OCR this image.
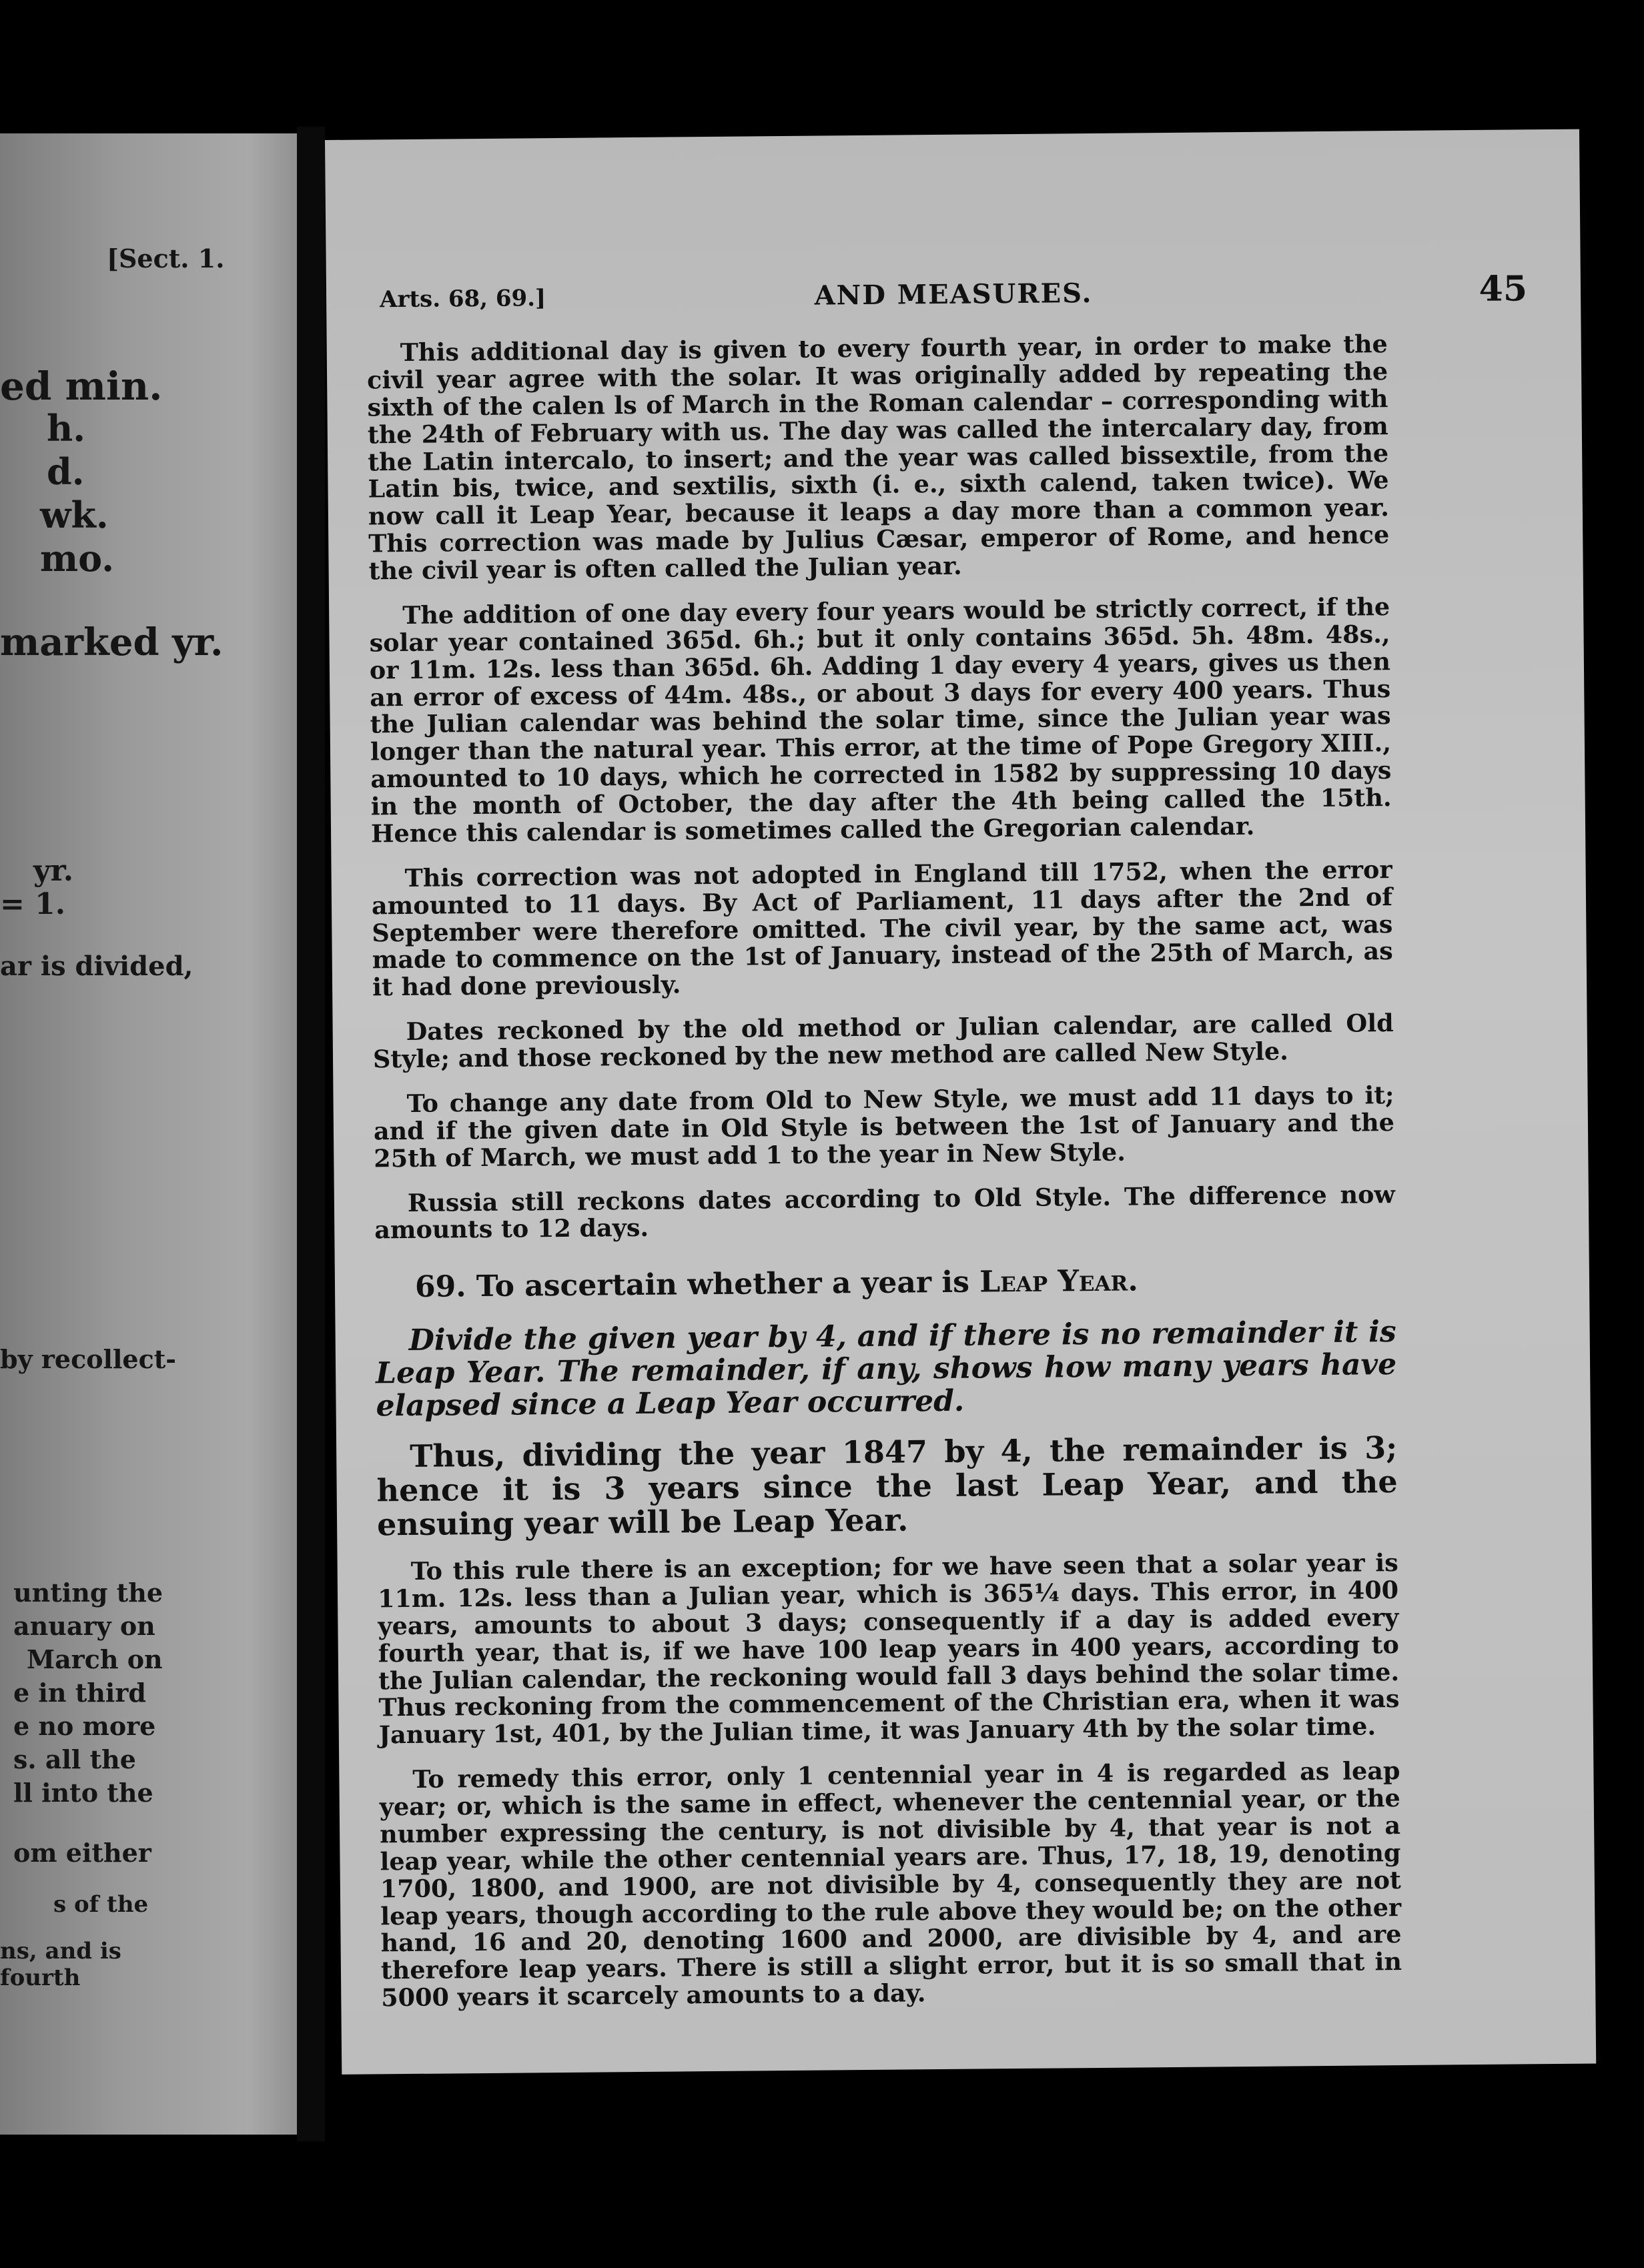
[Sect. 1.
ed min.
h.
d.
wk.
mo.
marked yr.
yr.
= 1.
ar is divided,
by recollect-
unting the
anuary on
March on
e in third
e no more
s. all the
ll into the
om either
s of the
ns, and is
fourth
Arts. 68, 69.]	AND MEASURES.	45

This additional day is given to every fourth year, in order to make the civil year agree with the solar. It was originally added by repeating the sixth of the calen ls of March in the Roman calendar – corresponding with the 24th of February with us. The day was called the intercalary day, from the Latin intercalo, to insert; and the year was called bissextile, from the Latin bis, twice, and sextilis, sixth (i. e., sixth calend, taken twice). We now call it Leap Year, because it leaps a day more than a common year. This correction was made by Julius Cæsar, emperor of Rome, and hence the civil year is often called the Julian year.

The addition of one day every four years would be strictly correct, if the solar year contained 365d. 6h.; but it only contains 365d. 5h. 48m. 48s., or 11m. 12s. less than 365d. 6h. Adding 1 day every 4 years, gives us then an error of excess of 44m. 48s., or about 3 days for every 400 years. Thus the Julian calendar was behind the solar time, since the Julian year was longer than the natural year. This error, at the time of Pope Gregory XIII., amounted to 10 days, which he corrected in 1582 by suppressing 10 days in the month of October, the day after the 4th being called the 15th. Hence this calendar is sometimes called the Gregorian calendar.

This correction was not adopted in England till 1752, when the error amounted to 11 days. By Act of Parliament, 11 days after the 2nd of September were therefore omitted. The civil year, by the same act, was made to commence on the 1st of January, instead of the 25th of March, as it had done previously.

Dates reckoned by the old method or Julian calendar, are called Old Style; and those reckoned by the new method are called New Style.

To change any date from Old to New Style, we must add 11 days to it; and if the given date in Old Style is between the 1st of January and the 25th of March, we must add 1 to the year in New Style.

Russia still reckons dates according to Old Style. The difference now amounts to 12 days.

69. To ascertain whether a year is Leap Year.

Divide the given year by 4, and if there is no remainder it is Leap Year. The remainder, if any, shows how many years have elapsed since a Leap Year occurred.

Thus, dividing the year 1847 by 4, the remainder is 3; hence it is 3 years since the last Leap Year, and the ensuing year will be Leap Year.

To this rule there is an exception; for we have seen that a solar year is 11m. 12s. less than a Julian year, which is 365¼ days. This error, in 400 years, amounts to about 3 days; consequently if a day is added every fourth year, that is, if we have 100 leap years in 400 years, according to the Julian calendar, the reckoning would fall 3 days behind the solar time. Thus reckoning from the commencement of the Christian era, when it was January 1st, 401, by the Julian time, it was January 4th by the solar time.

To remedy this error, only 1 centennial year in 4 is regarded as leap year; or, which is the same in effect, whenever the centennial year, or the number expressing the century, is not divisible by 4, that year is not a leap year, while the other centennial years are. Thus, 17, 18, 19, denoting 1700, 1800, and 1900, are not divisible by 4, consequently they are not leap years, though according to the rule above they would be; on the other hand, 16 and 20, denoting 1600 and 2000, are divisible by 4, and are therefore leap years. There is still a slight error, but it is so small that in 5000 years it scarcely amounts to a day.
